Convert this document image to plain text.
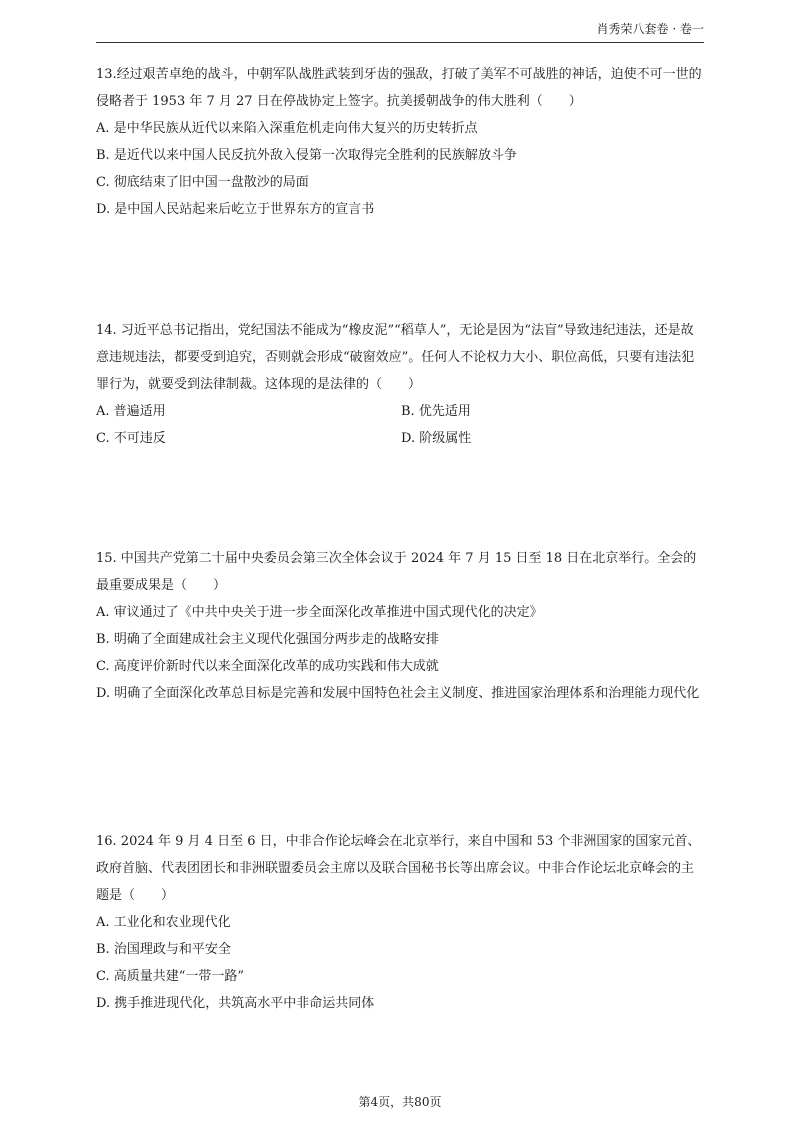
肖秀荣八套卷 · 卷一

13.经过艰苦卓绝的战斗，中朝军队战胜武装到牙齿的强敌，打破了美军不可战胜的神话，迫使不可一世的侵略者于 1953 年 7 月 27 日在停战协定上签字。抗美援朝战争的伟大胜利（　　）

A. 是中华民族从近代以来陷入深重危机走向伟大复兴的历史转折点

B. 是近代以来中国人民反抗外敌入侵第一次取得完全胜利的民族解放斗争

C. 彻底结束了旧中国一盘散沙的局面

D. 是中国人民站起来后屹立于世界东方的宣言书

14. 习近平总书记指出，党纪国法不能成为“橡皮泥”“稻草人”，无论是因为“法盲”导致违纪违法，还是故意违规违法，都要受到追究，否则就会形成“破窗效应”。任何人不论权力大小、职位高低，只要有违法犯罪行为，就要受到法律制裁。这体现的是法律的（　　）

A. 普遍适用	B. 优先适用

C. 不可违反	D. 阶级属性

15. 中国共产党第二十届中央委员会第三次全体会议于 2024 年 7 月 15 日至 18 日在北京举行。全会的最重要成果是（　　）

A. 审议通过了《中共中央关于进一步全面深化改革推进中国式现代化的决定》

B. 明确了全面建成社会主义现代化强国分两步走的战略安排

C. 高度评价新时代以来全面深化改革的成功实践和伟大成就

D. 明确了全面深化改革总目标是完善和发展中国特色社会主义制度、推进国家治理体系和治理能力现代化

16. 2024 年 9 月 4 日至 6 日，中非合作论坛峰会在北京举行，来自中国和 53 个非洲国家的国家元首、政府首脑、代表团团长和非洲联盟委员会主席以及联合国秘书长等出席会议。中非合作论坛北京峰会的主题是（　　）

A. 工业化和农业现代化

B. 治国理政与和平安全

C. 高质量共建“一带一路”

D. 携手推进现代化，共筑高水平中非命运共同体

第4页，共80页
